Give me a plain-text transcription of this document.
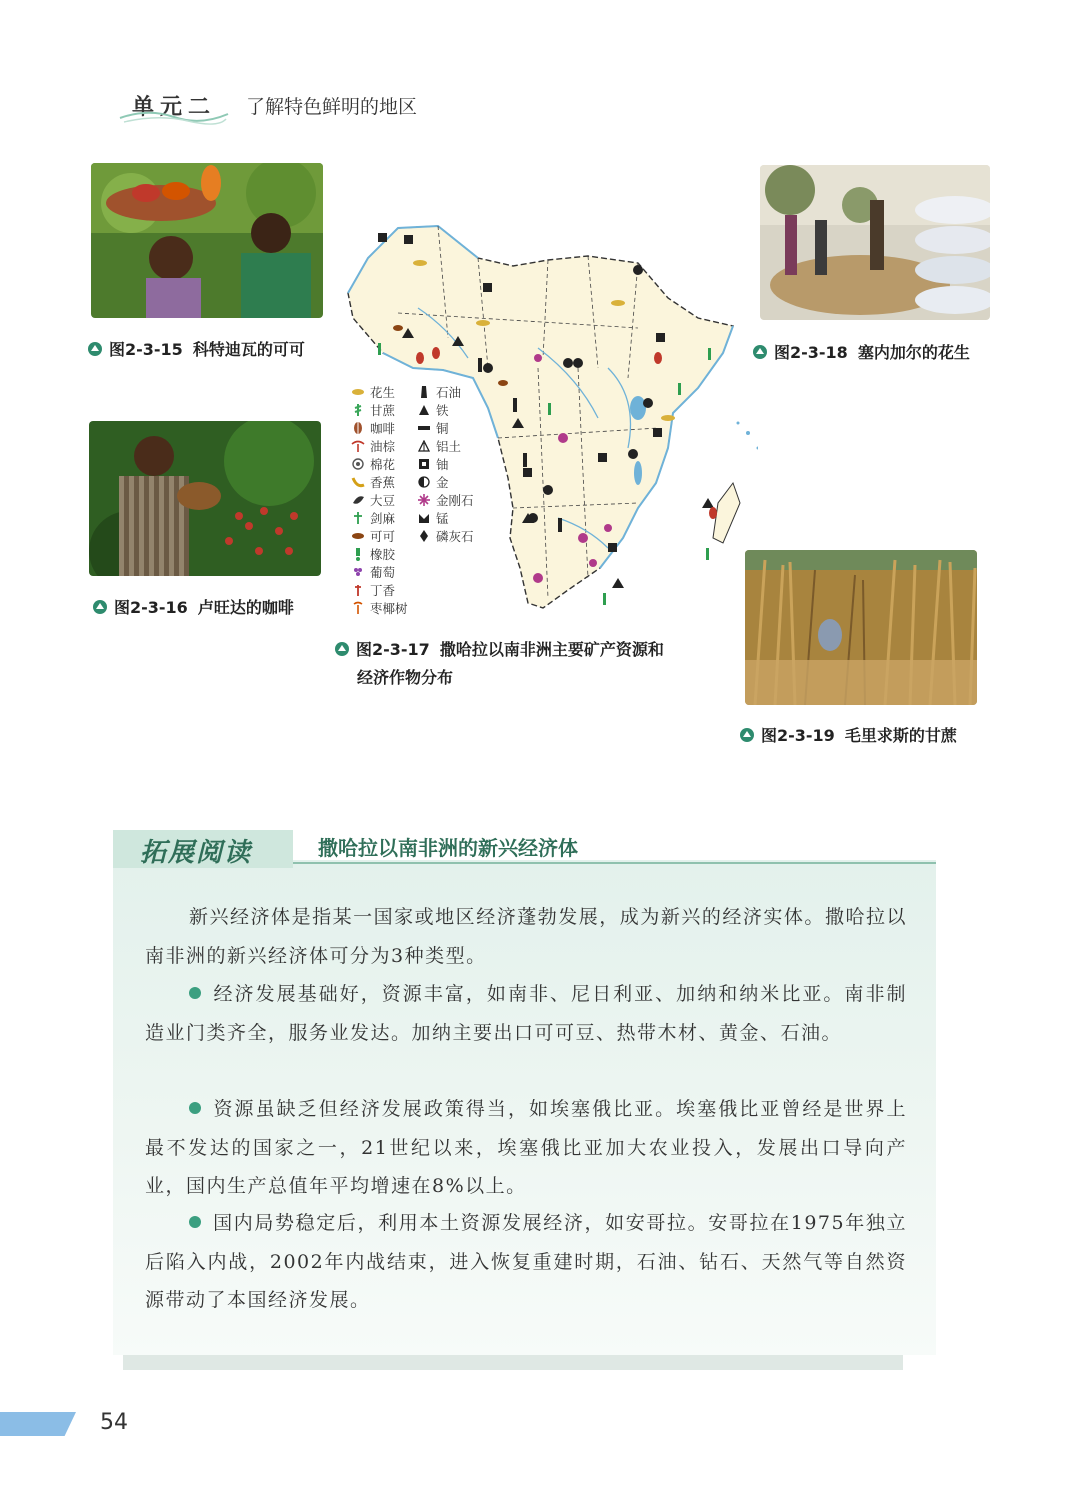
单元二 了解特色鲜明的地区
图2-3-15 科特迪瓦的可可
图2-3-16 卢旺达的咖啡
图2-3-18 塞内加尔的花生
图2-3-19 毛里求斯的甘蔗
花生
甘蔗
咖啡
油棕
棉花
香蕉
大豆
剑麻
可可
橡胶
葡萄
丁香
枣椰树
石油
铁
铜
铝土
铀
金
金刚石
锰
磷灰石
图2-3-17 撒哈拉以南非洲主要矿产资源和
经济作物分布
拓展阅读	撒哈拉以南非洲的新兴经济体
新兴经济体是指某一国家或地区经济蓬勃发展，成为新兴的经济实体。撒哈拉以南非洲的新兴经济体可分为3种类型。
经济发展基础好，资源丰富，如南非、尼日利亚、加纳和纳米比亚。南非制造业门类齐全，服务业发达。加纳主要出口可可豆、热带木材、黄金、石油。
资源虽缺乏但经济发展政策得当，如埃塞俄比亚。埃塞俄比亚曾经是世界上最不发达的国家之一，21世纪以来，埃塞俄比亚加大农业投入，发展出口导向产业，国内生产总值年平均增速在8%以上。
国内局势稳定后，利用本土资源发展经济，如安哥拉。安哥拉在1975年独立后陷入内战，2002年内战结束，进入恢复重建时期，石油、钻石、天然气等自然资源带动了本国经济发展。
54
